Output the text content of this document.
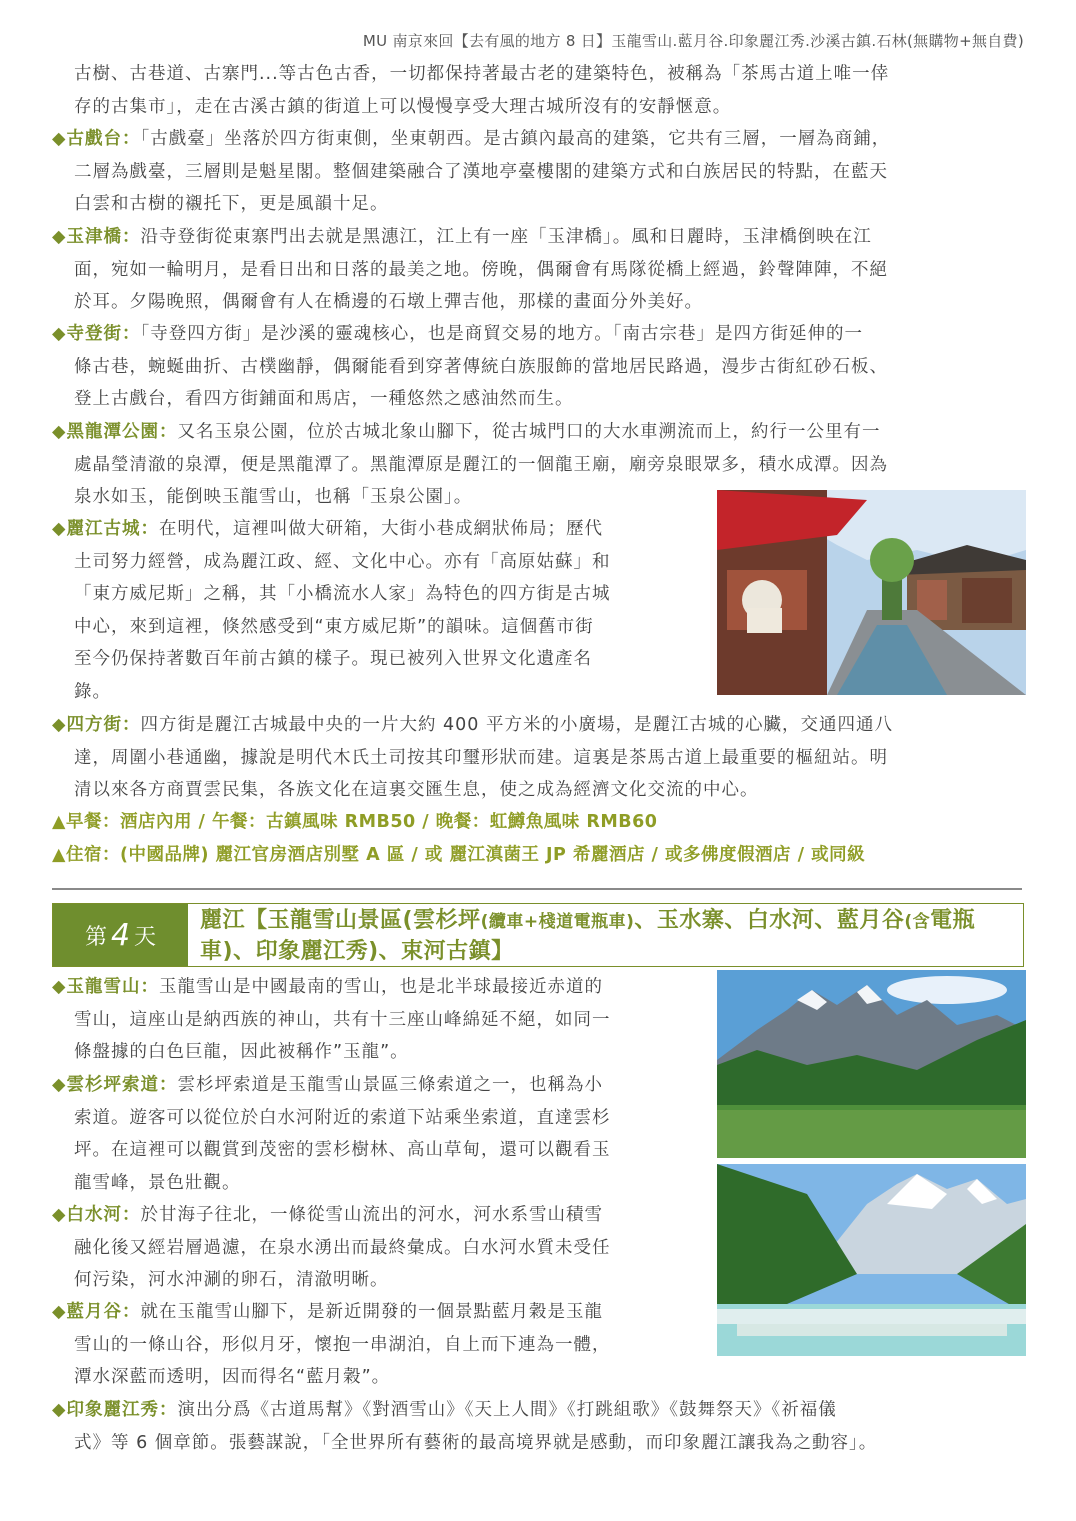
MU 南京來回【去有風的地方 8 日】玉龍雪山.藍月谷.印象麗江秀.沙溪古鎮.石林(無購物+無自費)
古樹、古巷道、古寨門...等古色古香，一切都保持著最古老的建築特色，被稱為「茶馬古道上唯一倖
存的古集市」，走在古溪古鎮的街道上可以慢慢享受大理古城所沒有的安靜愜意。
◆古戲台：「古戲臺」坐落於四方街東側，坐東朝西。是古鎮內最高的建築，它共有三層，一層為商鋪，
二層為戲臺，三層則是魁星閣。整個建築融合了漢地亭臺樓閣的建築方式和白族居民的特點，在藍天
白雲和古樹的襯托下，更是風韻十足。
◆玉津橋：沿寺登街從東寨門出去就是黑潓江，江上有一座「玉津橋」。風和日麗時，玉津橋倒映在江
面，宛如一輪明月，是看日出和日落的最美之地。傍晚，偶爾會有馬隊從橋上經過，鈴聲陣陣，不絕
於耳。夕陽晚照，偶爾會有人在橋邊的石墩上彈吉他，那樣的畫面分外美好。
◆寺登街：「寺登四方街」是沙溪的靈魂核心，也是商貿交易的地方。「南古宗巷」是四方街延伸的一
條古巷，蜿蜒曲折、古樸幽靜，偶爾能看到穿著傳統白族服飾的當地居民路過，漫步古街紅砂石板、
登上古戲台，看四方街鋪面和馬店，一種悠然之感油然而生。
◆黑龍潭公園：又名玉泉公園，位於古城北象山腳下，從古城門口的大水車溯流而上，約行一公里有一
處晶瑩清澈的泉潭，便是黑龍潭了。黑龍潭原是麗江的一個龍王廟，廟旁泉眼眾多，積水成潭。因為
泉水如玉，能倒映玉龍雪山，也稱「玉泉公園」。
◆麗江古城：在明代，這裡叫做大研箱，大街小巷成網狀佈局；歷代
土司努力經營，成為麗江政、經、文化中心。亦有「高原姑蘇」和
「東方威尼斯」之稱，其「小橋流水人家」為特色的四方街是古城
中心，來到這裡，倏然感受到“東方威尼斯”的韻味。這個舊市街
至今仍保持著數百年前古鎮的樣子。現已被列入世界文化遺產名
錄。
◆四方街：四方街是麗江古城最中央的一片大約 400 平方米的小廣場，是麗江古城的心臟，交通四通八
達，周圍小巷通幽，據說是明代木氏土司按其印璽形狀而建。這裏是茶馬古道上最重要的樞紐站。明
清以來各方商賈雲民集，各族文化在這裏交匯生息，使之成為經濟文化交流的中心。
▲早餐：酒店內用 / 午餐：古鎮風味 RMB50 / 晚餐：虹鱒魚風味 RMB60
▲住宿：(中國品牌) 麗江官房酒店別墅 A 區 / 或 麗江滇菌王 JP 希麗酒店 / 或多佛度假酒店 / 或同級
第 4 天
麗江【玉龍雪山景區(雲杉坪(纜車+棧道電瓶車)、玉水寨、白水河、藍月谷(含電瓶車)、印象麗江秀)、束河古鎮】
◆玉龍雪山：玉龍雪山是中國最南的雪山，也是北半球最接近赤道的
雪山，這座山是納西族的神山，共有十三座山峰綿延不絕，如同一
條盤據的白色巨龍，因此被稱作”玉龍”。
◆雲杉坪索道：雲杉坪索道是玉龍雪山景區三條索道之一，也稱為小
索道。遊客可以從位於白水河附近的索道下站乘坐索道，直達雲杉
坪。在這裡可以觀賞到茂密的雲杉樹林、高山草甸，還可以觀看玉
龍雪峰，景色壯觀。
◆白水河：於甘海子往北，一條從雪山流出的河水，河水系雪山積雪
融化後又經岩層過濾，在泉水湧出而最終彙成。白水河水質未受任
何污染，河水沖涮的卵石，清澈明晰。
◆藍月谷：就在玉龍雪山腳下，是新近開發的一個景點藍月穀是玉龍
雪山的一條山谷，形似月牙，懷抱一串湖泊，自上而下連為一體，
潭水深藍而透明，因而得名“藍月穀”。
◆印象麗江秀：演出分爲《古道馬幫》《對酒雪山》《天上人間》《打跳組歌》《鼓舞祭天》《祈福儀
式》等 6 個章節。張藝謀說，「全世界所有藝術的最高境界就是感動，而印象麗江讓我為之動容」。
